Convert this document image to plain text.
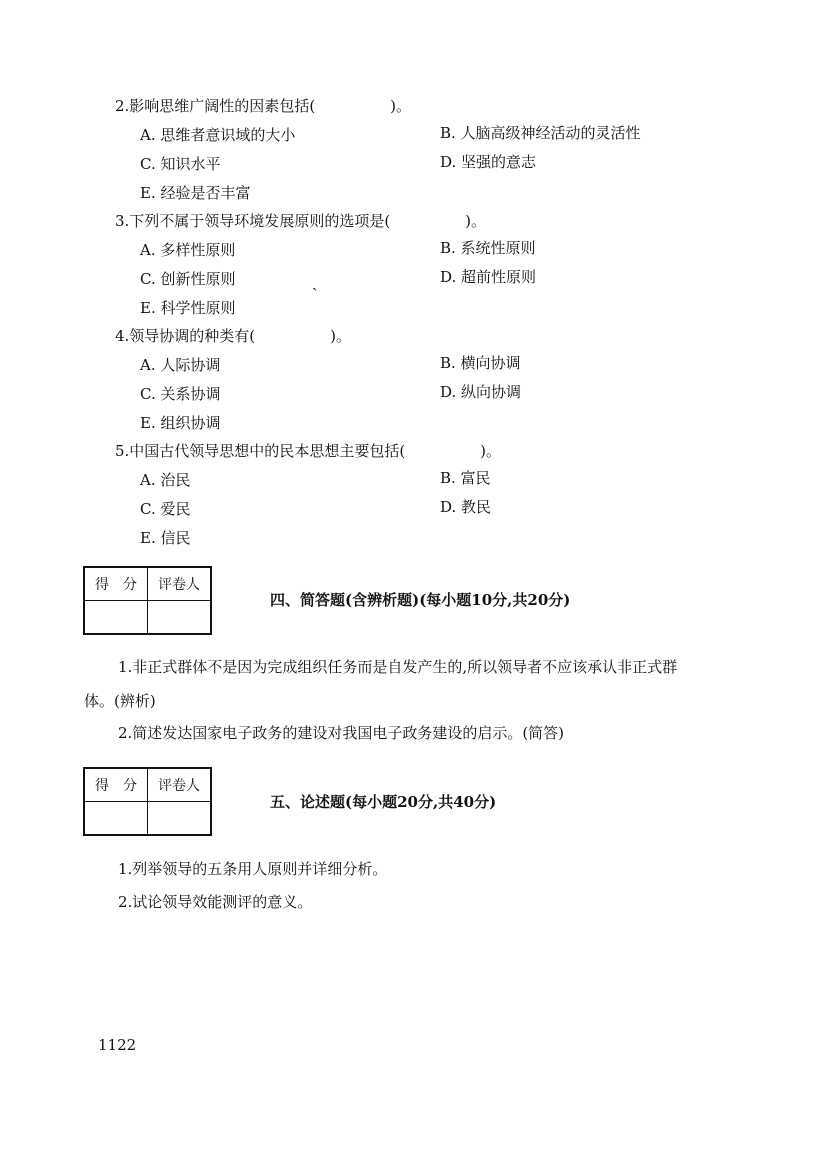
2.影响思维广阔性的因素包括(　　　　　)。
A. 思维者意识域的大小	B. 人脑高级神经活动的灵活性
C. 知识水平	D. 坚强的意志
E. 经验是否丰富
3.下列不属于领导环境发展原则的选项是(　　　　　)。
A. 多样性原则	B. 系统性原则
C. 创新性原则	ˏ	D. 超前性原则
E. 科学性原则
4.领导协调的种类有(　　　　　)。
A. 人际协调	B. 横向协调
C. 关系协调	D. 纵向协调
E. 组织协调
5.中国古代领导思想中的民本思想主要包括(　　　　　)。
A. 治民	B. 富民
C. 爱民	D. 教民
E. 信民
得　分	评卷人

四、简答题(含辨析题)(每小题10分,共20分)
1.非正式群体不是因为完成组织任务而是自发产生的,所以领导者不应该承认非正式群
体。(辨析)
2.简述发达国家电子政务的建设对我国电子政务建设的启示。(简答)
得　分	评卷人

五、论述题(每小题20分,共40分)
1.列举领导的五条用人原则并详细分析。
2.试论领导效能测评的意义。
1122
